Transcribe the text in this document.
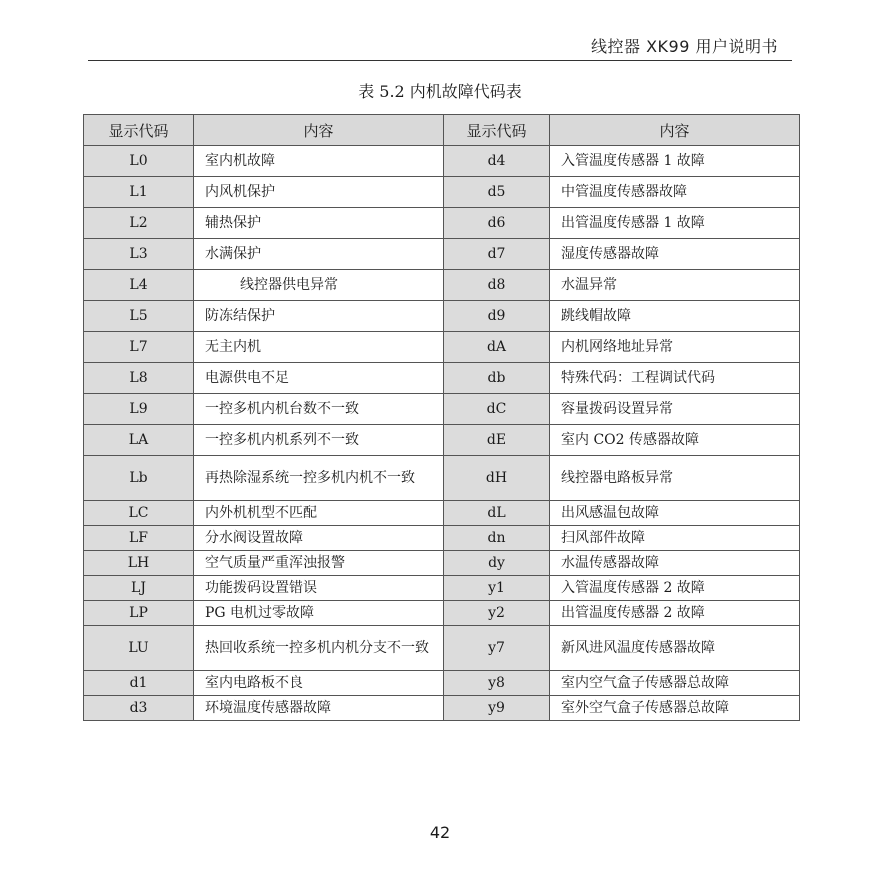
线控器 XK99 用户说明书
表 5.2 内机故障代码表
显示代码	内容	显示代码	内容
L0	室内机故障	d4	入管温度传感器 1 故障
L1	内风机保护	d5	中管温度传感器故障
L2	辅热保护	d6	出管温度传感器 1 故障
L3	水满保护	d7	湿度传感器故障
L4	线控器供电异常	d8	水温异常
L5	防冻结保护	d9	跳线帽故障
L7	无主内机	dA	内机网络地址异常
L8	电源供电不足	db	特殊代码：工程调试代码
L9	一控多机内机台数不一致	dC	容量拨码设置异常
LA	一控多机内机系列不一致	dE	室内 CO2 传感器故障
Lb	再热除湿系统一控多机内机不一致	dH	线控器电路板异常
LC	内外机机型不匹配	dL	出风感温包故障
LF	分水阀设置故障	dn	扫风部件故障
LH	空气质量严重浑浊报警	dy	水温传感器故障
LJ	功能拨码设置错误	y1	入管温度传感器 2 故障
LP	PG 电机过零故障	y2	出管温度传感器 2 故障
LU	热回收系统一控多机内机分支不一致	y7	新风进风温度传感器故障
d1	室内电路板不良	y8	室内空气盒子传感器总故障
d3	环境温度传感器故障	y9	室外空气盒子传感器总故障
42
